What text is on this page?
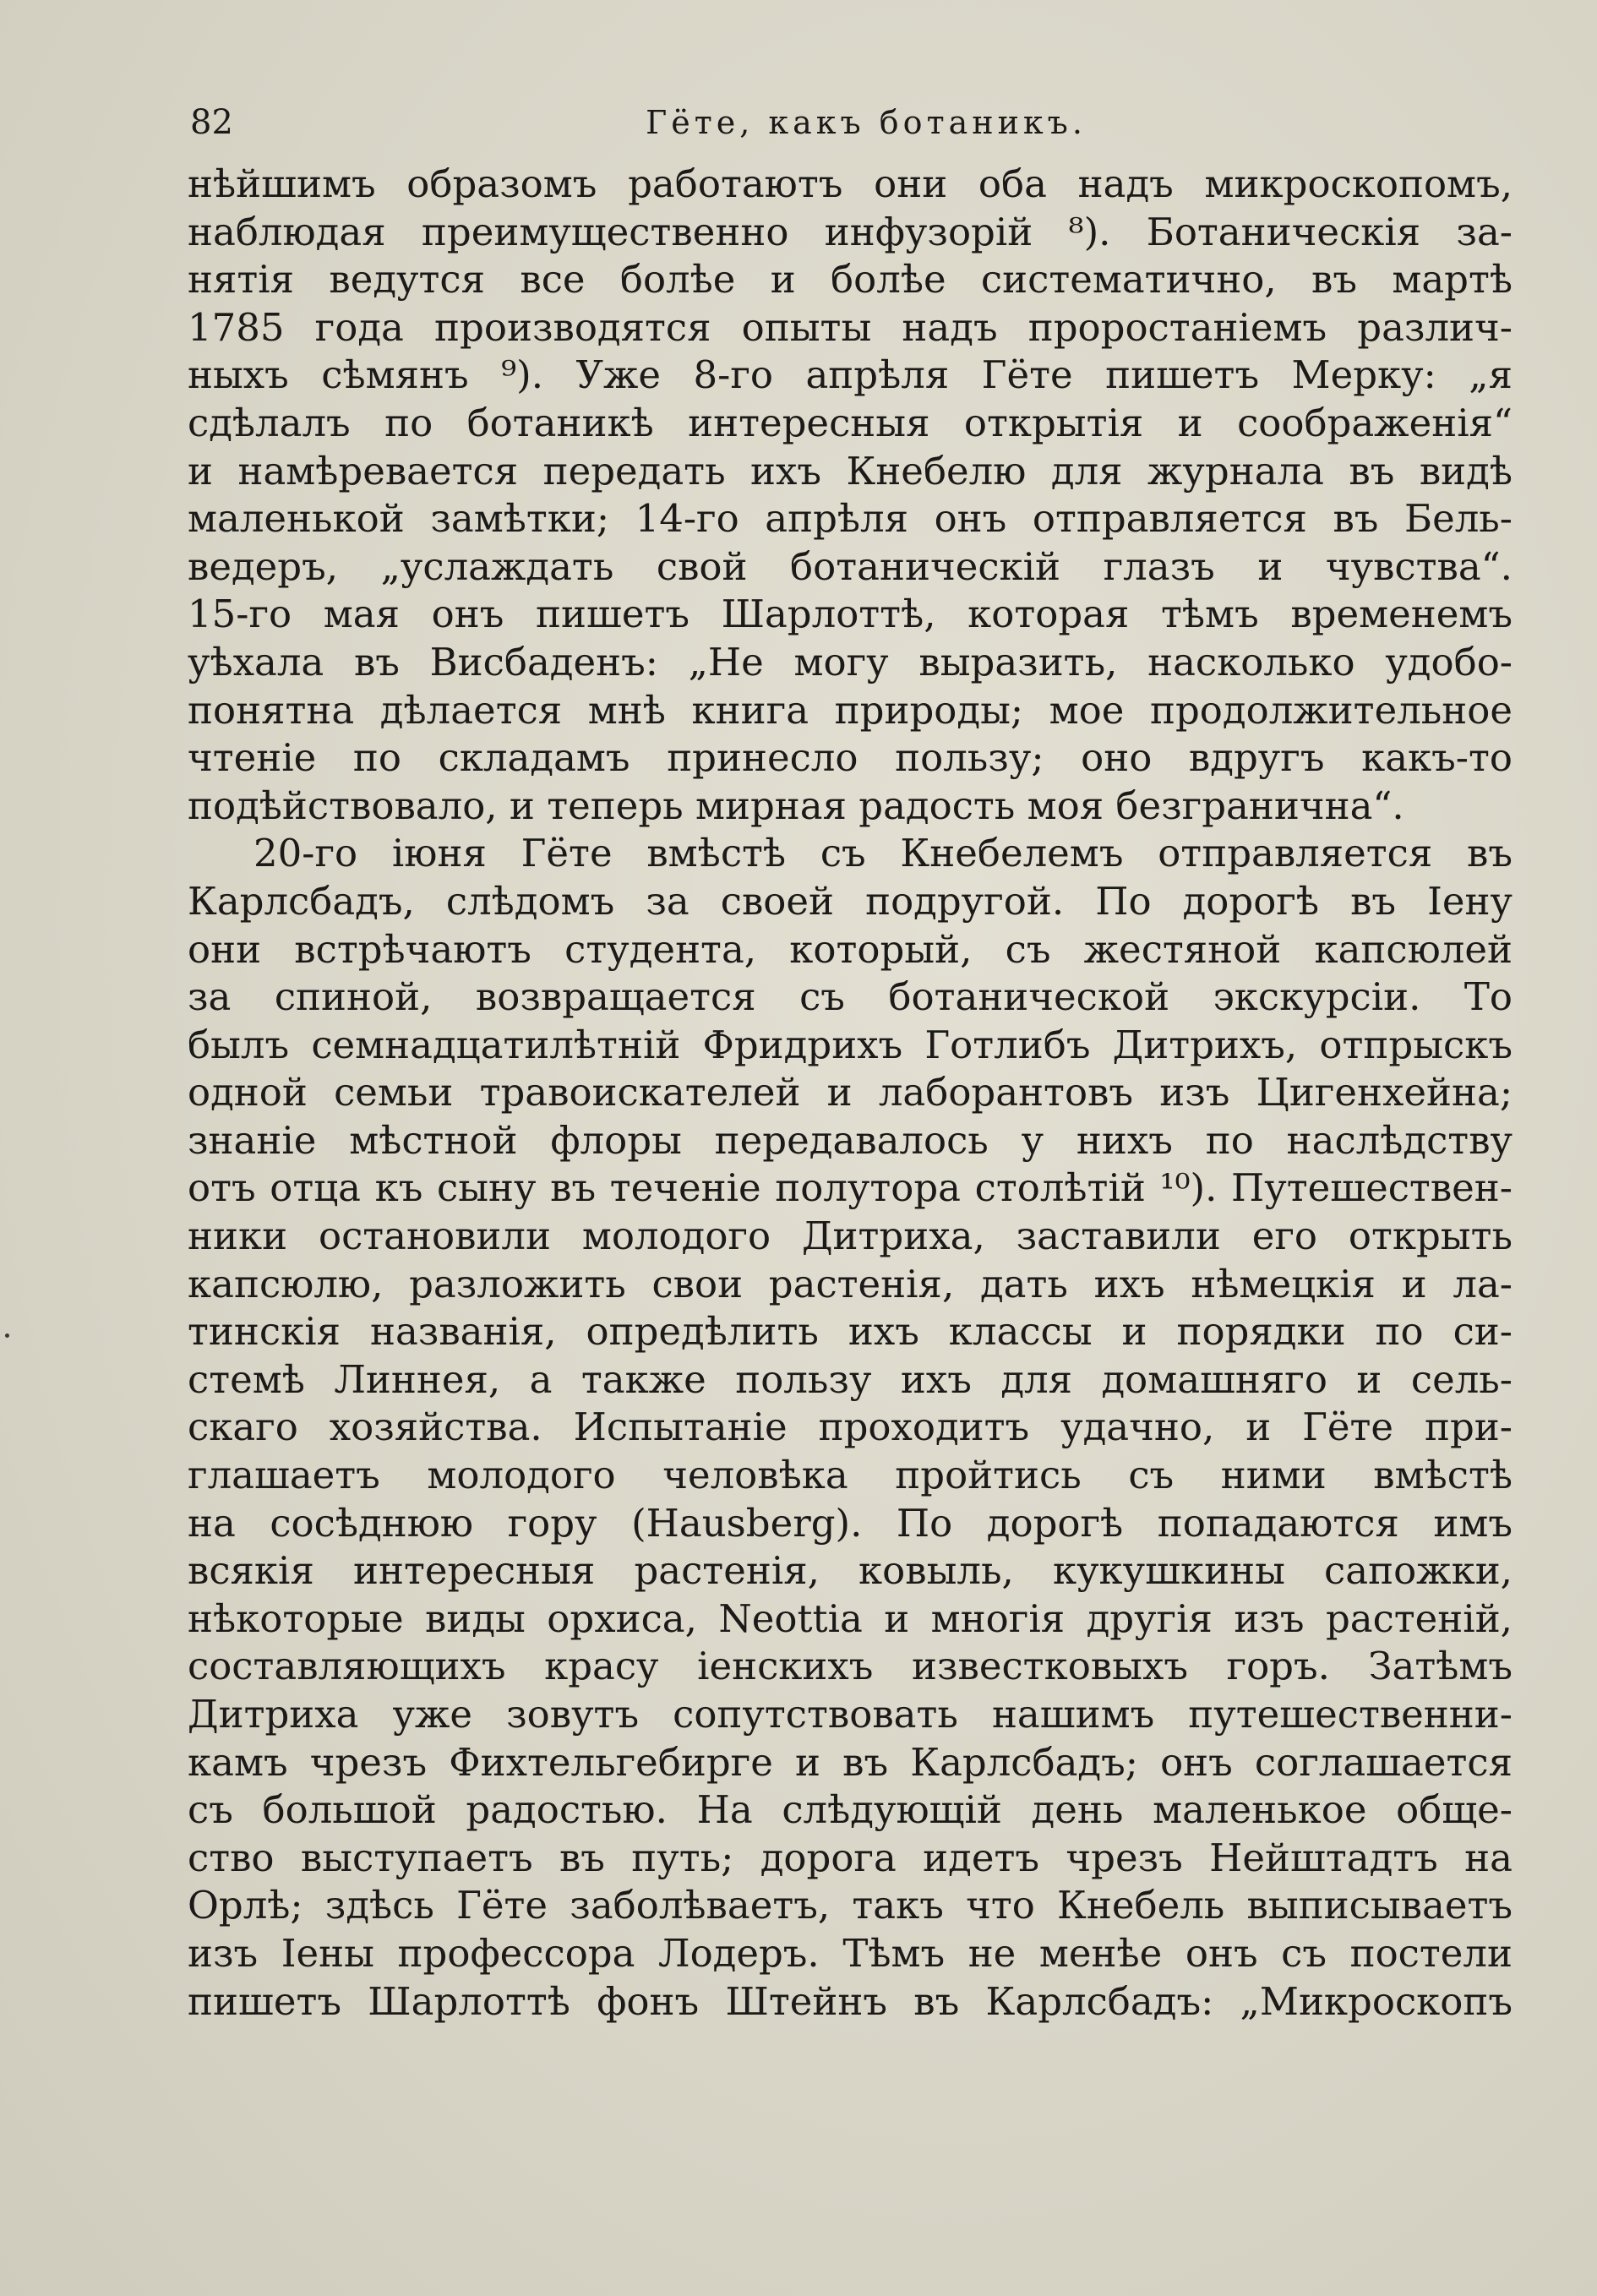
82	Гёте, какъ ботаникъ.
нѣйшимъ образомъ работаютъ они оба надъ микроскопомъ,
наблюдая преимущественно инфузорій ⁸). Ботаническія за-
нятія ведутся все болѣе и болѣе систематично, въ мартѣ
1785 года производятся опыты надъ проростаніемъ различ-
ныхъ сѣмянъ ⁹). Уже 8-го апрѣля Гёте пишетъ Мерку: „я
сдѣлалъ по ботаникѣ интересныя открытія и соображенія“
и намѣревается передать ихъ Кнебелю для журнала въ видѣ
маленькой замѣтки; 14-го апрѣля онъ отправляется въ Бель-
ведеръ, „услаждать свой ботаническій глазъ и чувства“.
15-го мая онъ пишетъ Шарлоттѣ, которая тѣмъ временемъ
уѣхала въ Висбаденъ: „Не могу выразить, насколько удобо-
понятна дѣлается мнѣ книга природы; мое продолжительное
чтеніе по складамъ принесло пользу; оно вдругъ какъ-то
подѣйствовало, и теперь мирная радость моя безгранична“.
20-го іюня Гёте вмѣстѣ съ Кнебелемъ отправляется въ
Карлсбадъ, слѣдомъ за своей подругой. По дорогѣ въ Іену
они встрѣчаютъ студента, который, съ жестяной капсюлей
за спиной, возвращается съ ботанической экскурсіи. То
былъ семнадцатилѣтній Фридрихъ Готлибъ Дитрихъ, отпрыскъ
одной семьи травоискателей и лаборантовъ изъ Цигенхейна;
знаніе мѣстной флоры передавалось у нихъ по наслѣдству
отъ отца къ сыну въ теченіе полутора столѣтій ¹⁰). Путешествен-
ники остановили молодого Дитриха, заставили его открыть
капсюлю, разложить свои растенія, дать ихъ нѣмецкія и ла-
тинскія названія, опредѣлить ихъ классы и порядки по си-
стемѣ Линнея, а также пользу ихъ для домашняго и сель-
скаго хозяйства. Испытаніе проходитъ удачно, и Гёте при-
глашаетъ молодого человѣка пройтись съ ними вмѣстѣ
на сосѣднюю гору (Hausberg). По дорогѣ попадаются имъ
всякія интересныя растенія, ковыль, кукушкины сапожки,
нѣкоторые виды орхиса, Neottia и многія другія изъ растеній,
составляющихъ красу іенскихъ известковыхъ горъ. Затѣмъ
Дитриха уже зовутъ сопутствовать нашимъ путешественни-
камъ чрезъ Фихтельгебирге и въ Карлсбадъ; онъ соглашается
съ большой радостью. На слѣдующій день маленькое обще-
ство выступаетъ въ путь; дорога идетъ чрезъ Нейштадтъ на
Орлѣ; здѣсь Гёте заболѣваетъ, такъ что Кнебель выписываетъ
изъ Іены профессора Лодеръ. Тѣмъ не менѣе онъ съ постели
пишетъ Шарлоттѣ фонъ Штейнъ въ Карлсбадъ: „Микроскопъ
